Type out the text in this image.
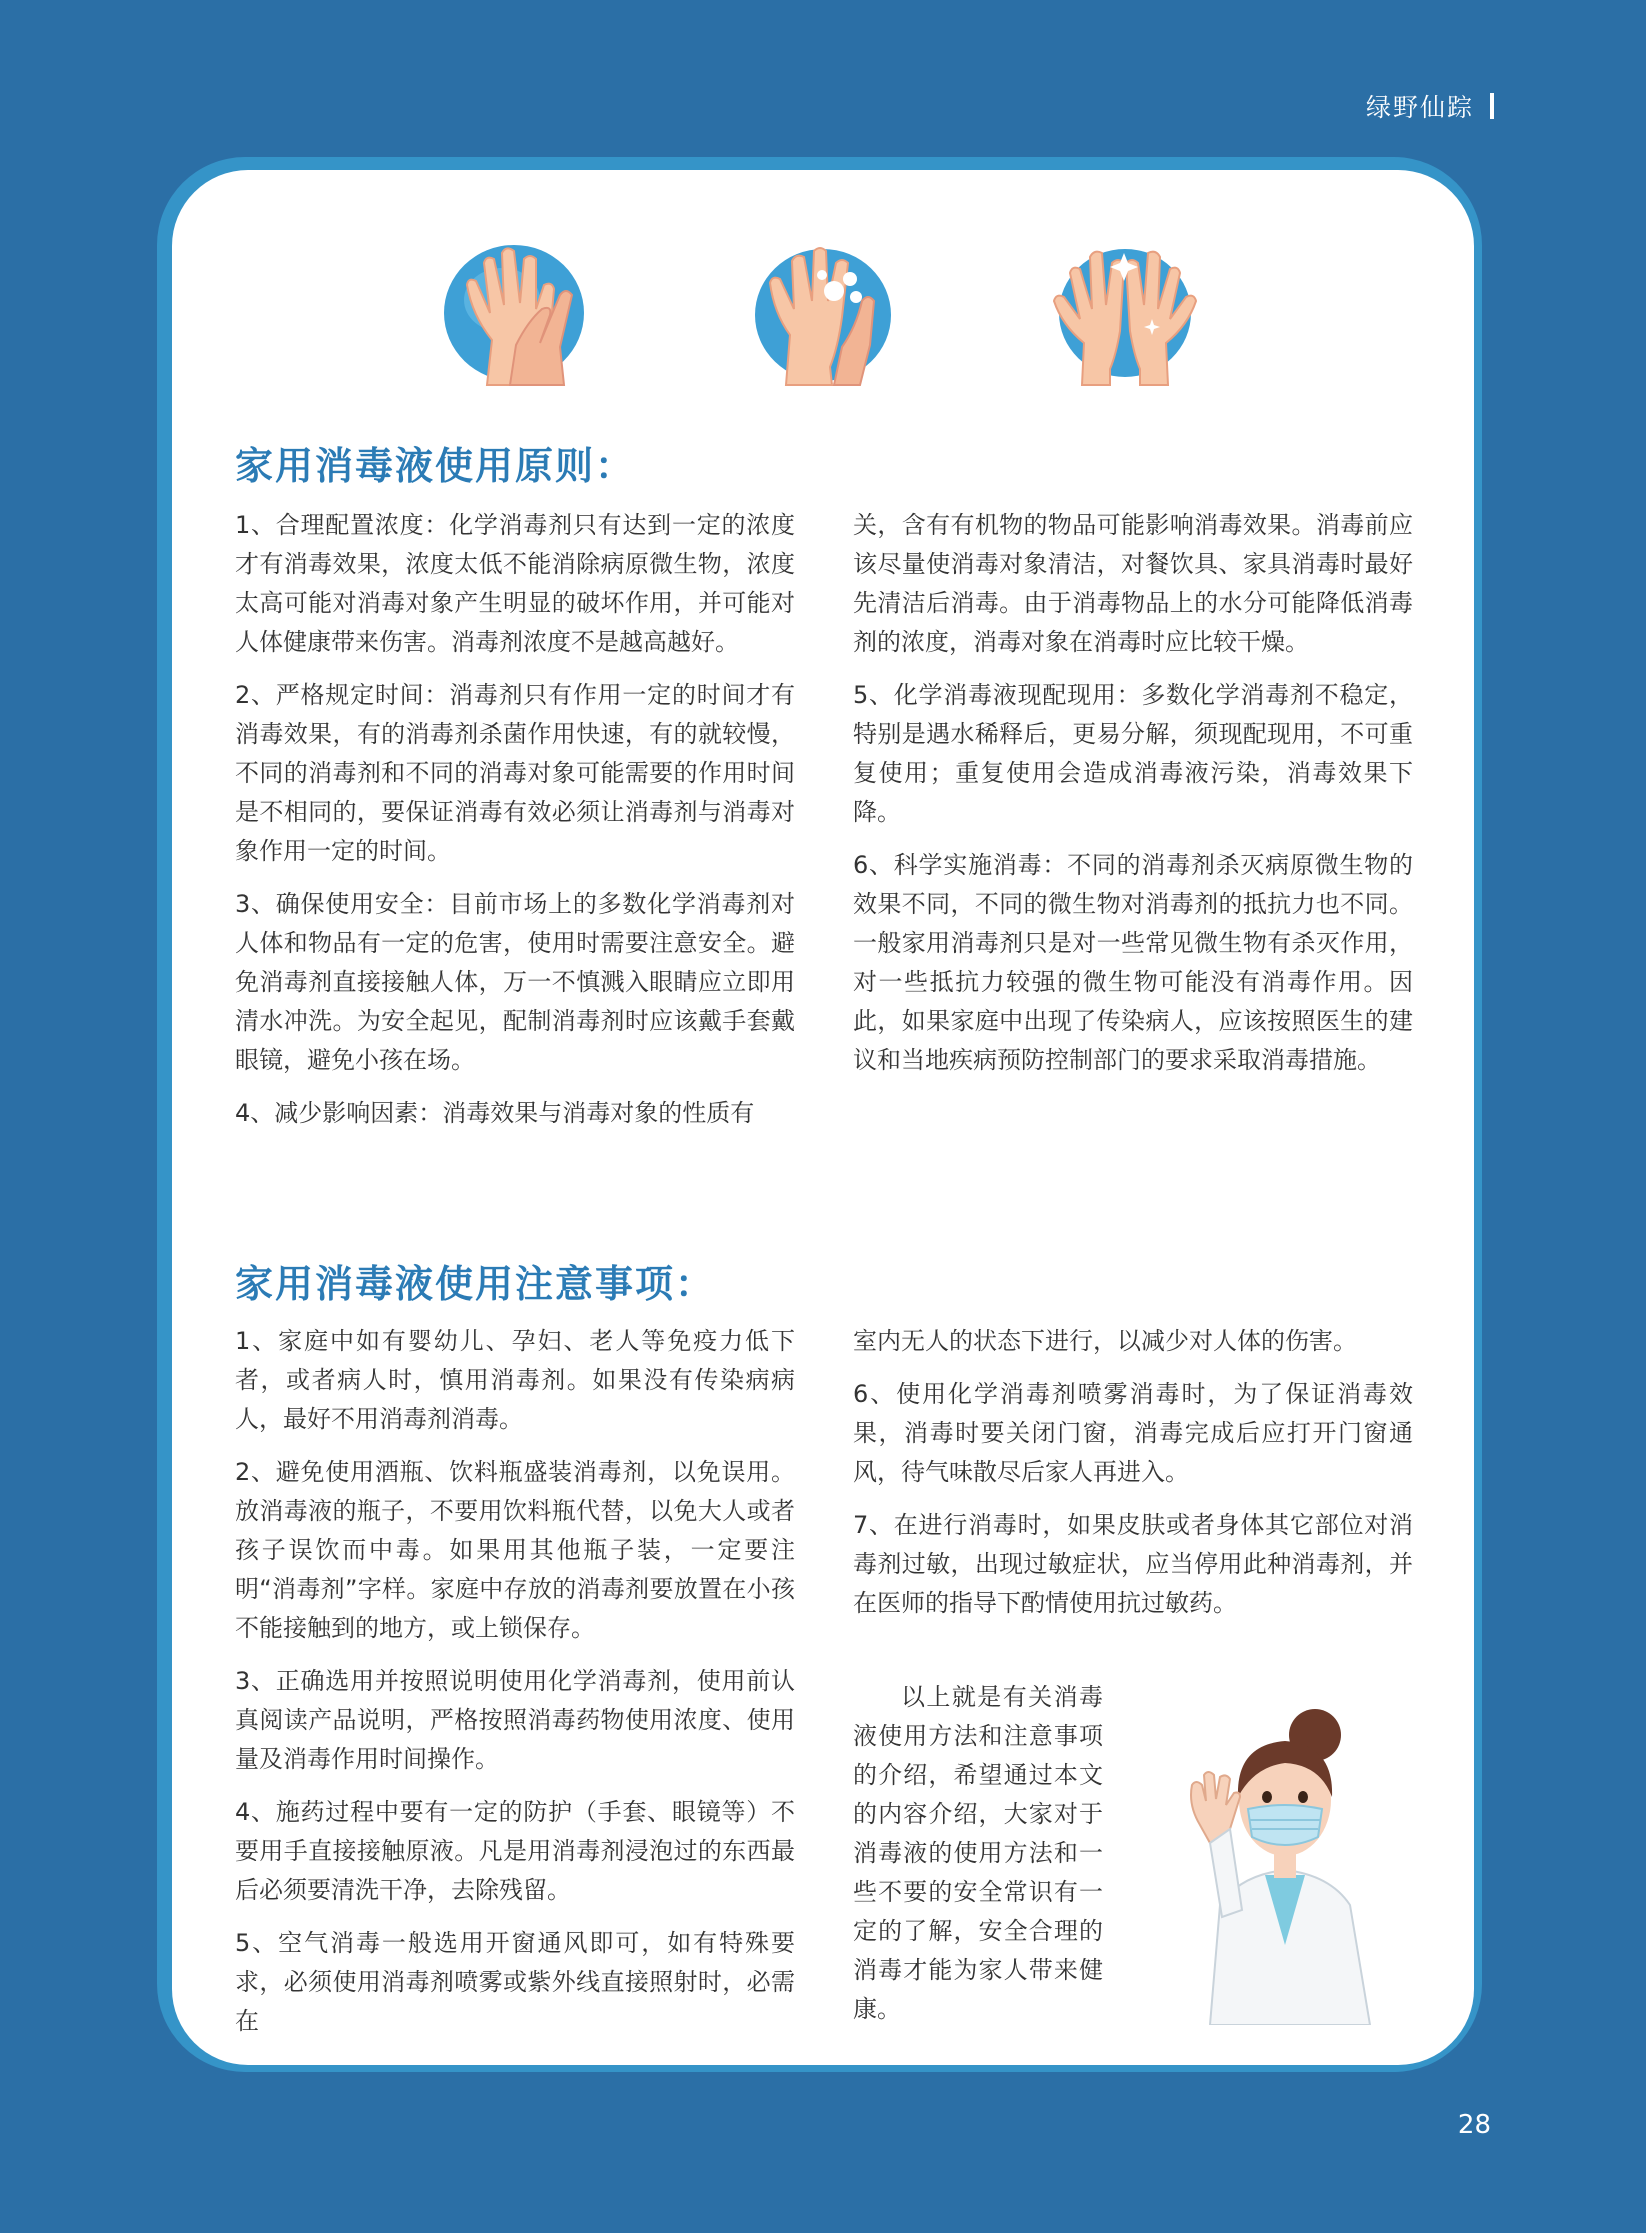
绿野仙踪
家用消毒液使用原则：

1、合理配置浓度：化学消毒剂只有达到一定的浓度才有消毒效果，浓度太低不能消除病原微生物，浓度太高可能对消毒对象产生明显的破坏作用，并可能对人体健康带来伤害。消毒剂浓度不是越高越好。

2、严格规定时间：消毒剂只有作用一定的时间才有消毒效果，有的消毒剂杀菌作用快速，有的就较慢，不同的消毒剂和不同的消毒对象可能需要的作用时间是不相同的，要保证消毒有效必须让消毒剂与消毒对象作用一定的时间。

3、确保使用安全：目前市场上的多数化学消毒剂对人体和物品有一定的危害，使用时需要注意安全。避免消毒剂直接接触人体，万一不慎溅入眼睛应立即用清水冲洗。为安全起见，配制消毒剂时应该戴手套戴眼镜，避免小孩在场。

4、减少影响因素：消毒效果与消毒对象的性质有

关，含有有机物的物品可能影响消毒效果。消毒前应该尽量使消毒对象清洁，对餐饮具、家具消毒时最好先清洁后消毒。由于消毒物品上的水分可能降低消毒剂的浓度，消毒对象在消毒时应比较干燥。

5、化学消毒液现配现用：多数化学消毒剂不稳定，特别是遇水稀释后，更易分解，须现配现用，不可重复使用；重复使用会造成消毒液污染，消毒效果下降。

6、科学实施消毒：不同的消毒剂杀灭病原微生物的效果不同，不同的微生物对消毒剂的抵抗力也不同。一般家用消毒剂只是对一些常见微生物有杀灭作用，对一些抵抗力较强的微生物可能没有消毒作用。因此，如果家庭中出现了传染病人，应该按照医生的建议和当地疾病预防控制部门的要求采取消毒措施。

家用消毒液使用注意事项：

1、家庭中如有婴幼儿、孕妇、老人等免疫力低下者，或者病人时，慎用消毒剂。如果没有传染病病人，最好不用消毒剂消毒。

2、避免使用酒瓶、饮料瓶盛装消毒剂，以免误用。放消毒液的瓶子，不要用饮料瓶代替，以免大人或者孩子误饮而中毒。如果用其他瓶子装，一定要注明“消毒剂”字样。家庭中存放的消毒剂要放置在小孩不能接触到的地方，或上锁保存。

3、正确选用并按照说明使用化学消毒剂，使用前认真阅读产品说明，严格按照消毒药物使用浓度、使用量及消毒作用时间操作。

4、施药过程中要有一定的防护（手套、眼镜等）不要用手直接接触原液。凡是用消毒剂浸泡过的东西最后必须要清洗干净，去除残留。

5、空气消毒一般选用开窗通风即可，如有特殊要求，必须使用消毒剂喷雾或紫外线直接照射时，必需在

室内无人的状态下进行，以减少对人体的伤害。

6、使用化学消毒剂喷雾消毒时，为了保证消毒效果，消毒时要关闭门窗，消毒完成后应打开门窗通风，待气味散尽后家人再进入。

7、在进行消毒时，如果皮肤或者身体其它部位对消毒剂过敏，出现过敏症状，应当停用此种消毒剂，并在医师的指导下酌情使用抗过敏药。

以上就是有关消毒液使用方法和注意事项的介绍，希望通过本文的内容介绍，大家对于消毒液的使用方法和一些不要的安全常识有一定的了解，安全合理的消毒才能为家人带来健康。

28
